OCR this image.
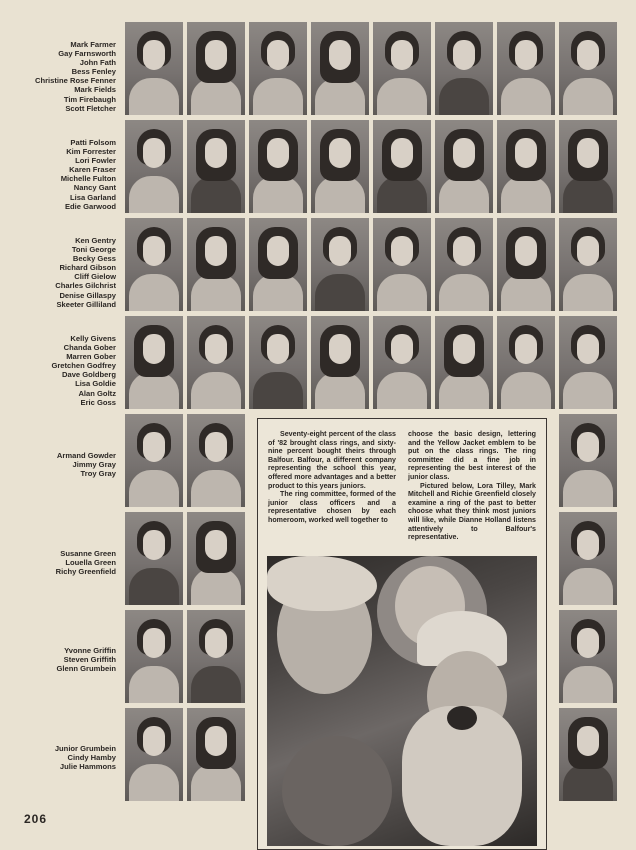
Mark Farmer
Gay Farnsworth
John Fath
Bess Fenley
Christine Rose Fenner
Mark Fields
Tim Firebaugh
Scott Fletcher
Patti Folsom
Kim Forrester
Lori Fowler
Karen Fraser
Michelle Fulton
Nancy Gant
Lisa Garland
Edie Garwood
Ken Gentry
Toni George
Becky Gess
Richard Gibson
Cliff Gielow
Charles Gilchrist
Denise Gillaspy
Skeeter Gilliland
Kelly Givens
Chanda Gober
Marren Gober
Gretchen Godfrey
Dave Goldberg
Lisa Goldie
Alan Goltz
Eric Goss
Armand Gowder
Jimmy Gray
Troy Gray
Susanne Green
Louella Green
Richy Greenfield
Yvonne Griffin
Steven Griffith
Glenn Grumbein
Junior Grumbein
Cindy Hamby
Julie Hammons

Seventy-eight percent of the class of '82 brought class rings, and sixty-nine percent bought theirs through Balfour. Balfour, a different company representing the school this year, offered more advantages and a better product to this years juniors.

The ring committee, formed of the junior class officers and a representative chosen by each homeroom, worked well together to

choose the basic design, lettering and the Yellow Jacket emblem to be put on the class rings. The ring committee did a fine job in representing the best interest of the junior class.

Pictured below, Lora Tilley, Mark Mitchell and Richie Greenfield closely examine a ring of the past to better choose what they think most juniors will like, while Dianne Holland listens attentively to Balfour's representative.

206
